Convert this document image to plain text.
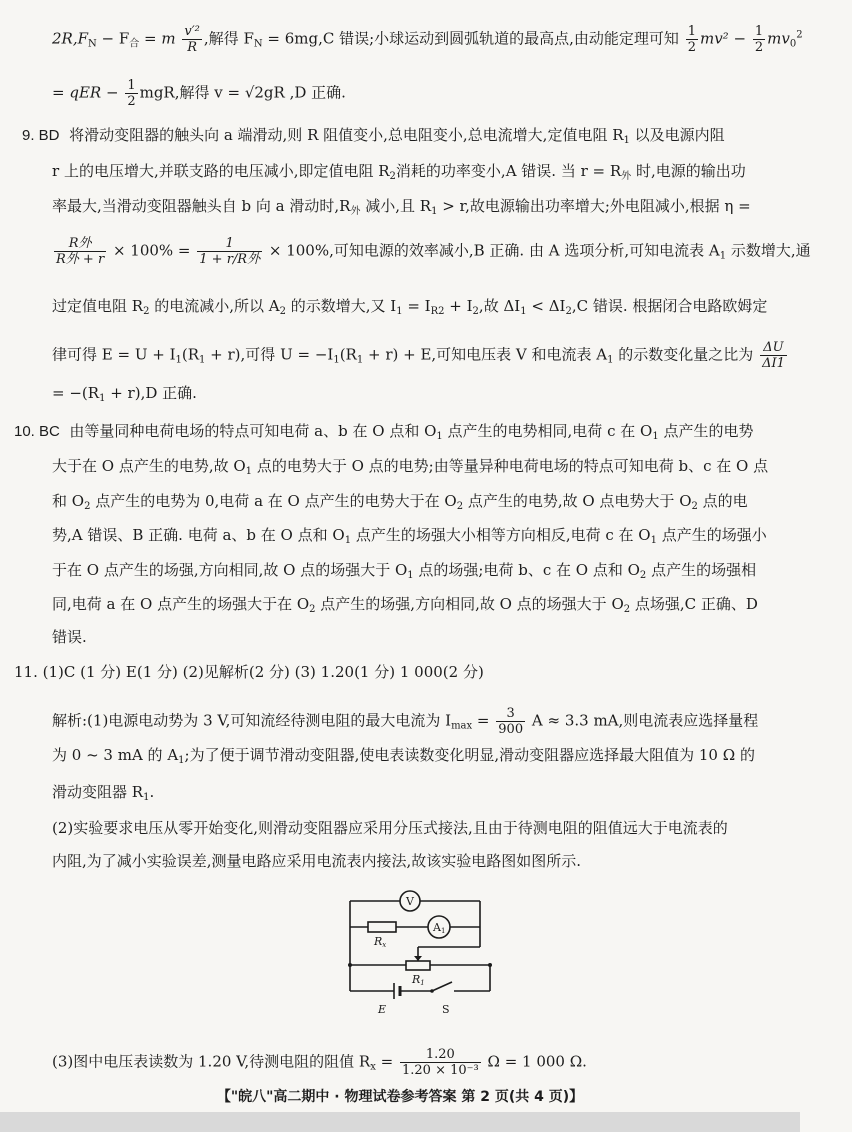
$2R,F_N - F_合 = m \frac{\text{v′²}}{R}$ ,解得 $F_N = 6mg,C$ 错误;小球运动到圆弧轨道的最高点,由动能定理可知 $\frac{1}{2} mv^2 - \frac{1}{2} mv_0^2$
= qER − $\frac{1}{2}$ mgR,解得 v = √2gR ,D 正确.
9. BD 将滑动变阻器的触头向 a 端滑动,则 R 阻值变小,总电阻变小,总电流增大,定值电阻 $R_1$ 以及电源内阻
r 上的电压增大,并联支路的电压减小,即定值电阻 $R_2$消耗的功率变小,A 错误. 当 $r = R_外$ 时,电源的输出功
率最大,当滑动变阻器触头自 b 向 a 滑动时$,R_外$ 减小,且 $R_1 > r$,故电源输出功率增大;外电阻减小,根据 η =
$\frac{\text{R外}}{\text{R外 + r}} \times 100\% = \frac{1}{\text{1 + r/R外}} \times 100\%$,可知电源的效率减小,B 正确. 由 A 选项分析,可知电流表 $A_1$ 示数增大,通
过定值电阻 $R_2$ 的电流减小,所以 $A_2$ 的示数增大,又 $I_1 = I_{R2} + I_2$,故 $\Delta I_1 < \Delta I_2,C$ 错误. 根据闭合电路欧姆定
律可得 $E = U + I_1(R_1 + r)$,可得 $U = -I_1(R_1 + r) + E$,可知电压表 V 和电流表 $A_1$ 的示数变化量之比为 $\frac{\Delta U}{\Delta I1}$
= $-(R_1 + r),D$ 正确.
10. BC 由等量同种电荷电场的特点可知电荷 a、b 在 O 点和 $O_1$ 点产生的电势相同,电荷 c 在 $O_1$ 点产生的电势
大于在 O 点产生的电势,故 $O_1$ 点的电势大于 O 点的电势;由等量异种电荷电场的特点可知电荷 b、c 在 O 点
和 $O_2$ 点产生的电势为 0,电荷 a 在 O 点产生的电势大于在 $O_2$ 点产生的电势,故 O 点电势大于 $O_2$ 点的电
势,A 错误、B 正确. 电荷 a、b 在 O 点和 $O_1$ 点产生的场强大小相等方向相反,电荷 c 在 $O_1$ 点产生的场强小
于在 O 点产生的场强,方向相同,故 O 点的场强大于 $O_1$ 点的场强;电荷 b、c 在 O 点和 $O_2$ 点产生的场强相
同,电荷 a 在 O 点产生的场强大于在 $O_2$ 点产生的场强,方向相同,故 O 点的场强大于 $O_2$ 点场强,C 正确、D
错误.
11. (1)C (1 分) E(1 分) (2)见解析(2 分) (3) 1.20(1 分) 1 000(2 分)
解析:(1)电源电动势为 3 V,可知流经待测电阻的最大电流为 $I_{max} = \frac{3}{900}$ A ≈ 3.3 mA,则电流表应选择量程
为 0 ~ 3 mA 的 $A_1$;为了便于调节滑动变阻器,使电表读数变化明显,滑动变阻器应选择最大阻值为 10 Ω 的
滑动变阻器 $R_1$.
(2)实验要求电压从零开始变化,则滑动变阻器应采用分压式接法,且由于待测电阻的阻值远大于电流表的
内阻,为了减小实验误差,测量电路应采用电流表内接法,故该实验电路图如图所示.
V
A1
Rx
R1
E	S
(3)图中电压表读数为 1.20 V,待测电阻的阻值 $R_x = \frac{1.20}{\text{1.20 × 10⁻³}}$ Ω = 1 000 Ω.
【"皖八"高二期中 · 物理试卷参考答案 第 2 页(共 4 页)】
